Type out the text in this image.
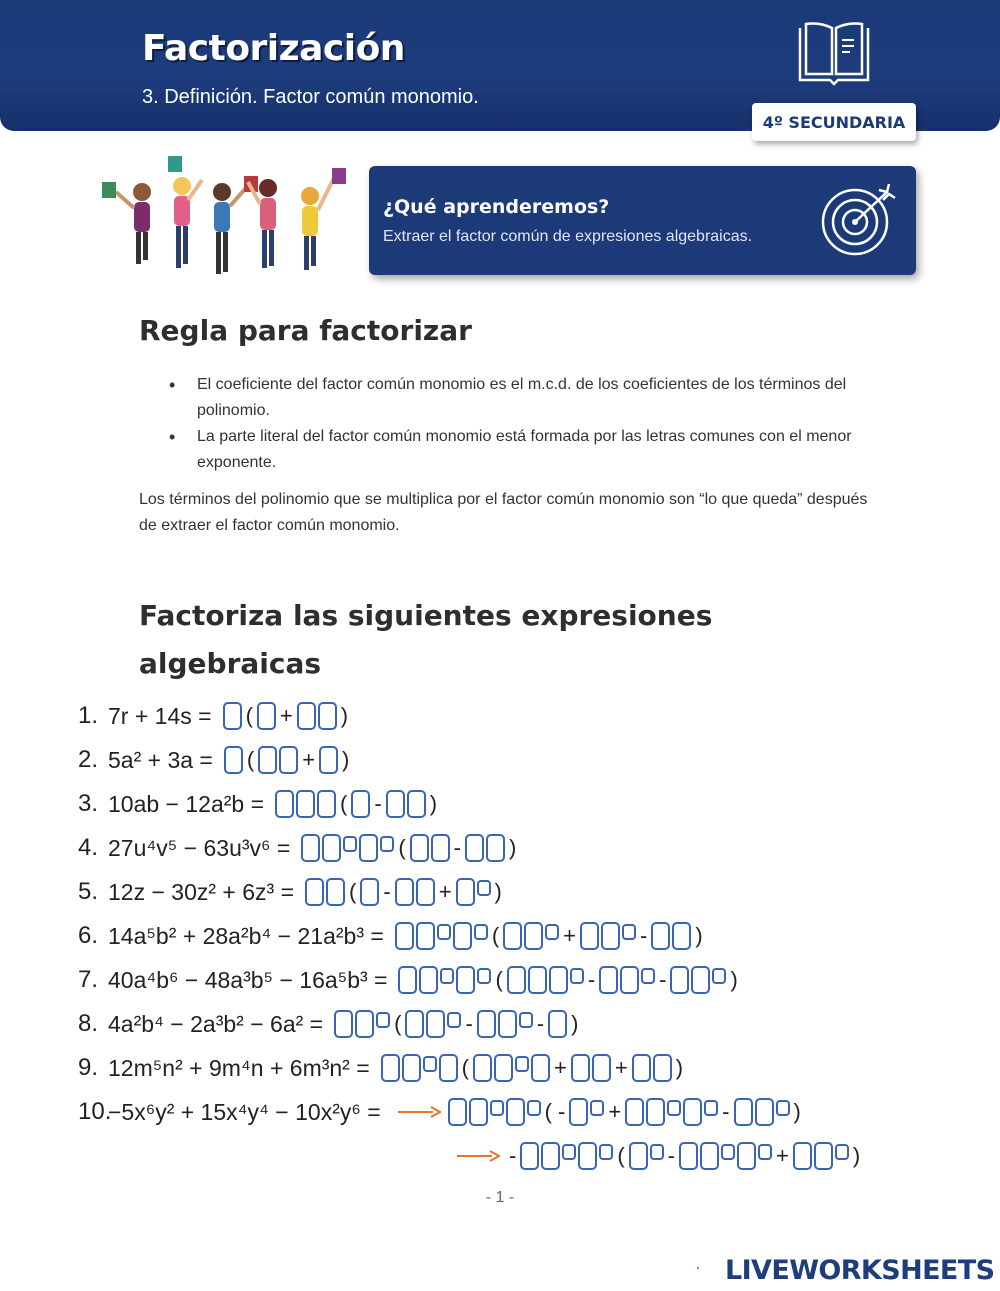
Factorización
3. Definición. Factor común monomio.
4º SECUNDARIA
¿Qué aprenderemos?
Extraer el factor común de expresiones algebraicas.
Regla para factorizar
• El coeficiente del factor común monomio es el m.c.d. de los coeficientes de los términos del polinomio.
• La parte literal del factor común monomio está formada por las letras comunes con el menor exponente.
Los términos del polinomio que se multiplica por el factor común monomio son “lo que queda” después de extraer el factor común monomio.
Factoriza las siguientes expresiones algebraicas
1. 7r + 14s = ( + )
2. 5a² + 3a = ( + )
3. 10ab − 12a²b =	( - )
4. 27u⁴v⁵ − 63u³v⁶ =	( - )
5. 12z − 30z² + 6z³ =	( - + )
6. 14a⁵b² + 28a²b⁴ − 21a²b³ =	(	+	- )
7. 40a⁴b⁶ − 48a³b⁵ − 16a⁵b³ =	(	-	-	)
8. 4a²b⁴ − 2a³b² − 6a² =	(	-	- )
9. 12m⁵n² + 9m⁴n + 6m³n² =	(	+ + )
10.
−5x⁶y² + 15x⁴y⁴ − 10x²y⁶ =	( - +	-	)
-	( -	+	)
- 1 -
LIVEWORKSHEETS
